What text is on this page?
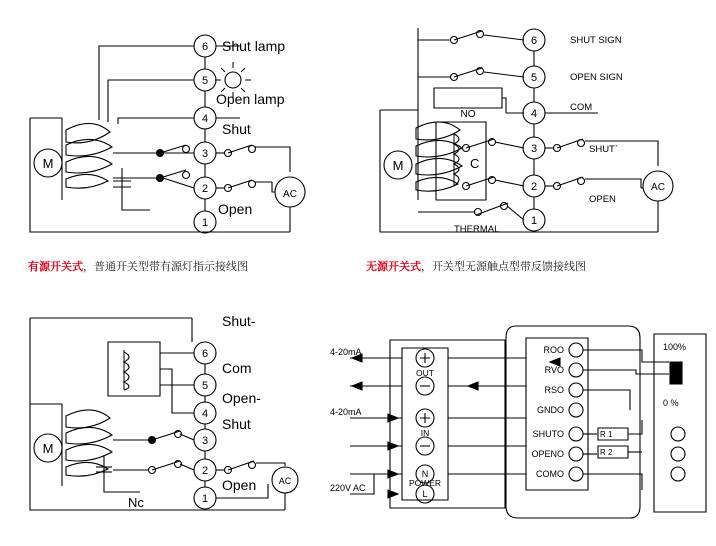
6
5
4
3
2
1
M
AC
Shut lamp
Open lamp
Shut
Open
有源开关式，普通开关型带有源灯指示接线图
C
6
5
4
3
2
1
M
AC
NO
SHUT SIGN
OPEN SIGN
COM
SHUT`
OPEN
THERMAL
无源开关式，开关型无源触点型带反馈接线图
6
5
4
3
2
1
M
AC
Shut-
Com
Open-
Shut
Open
Nc
OUT
IN
POWER
N
L
ROO
RVO
RSO
GNDO
SHUTO
OPENO
COMO
4-20mA
4-20mA
220V AC
R 1
R 2
100%
0 %
